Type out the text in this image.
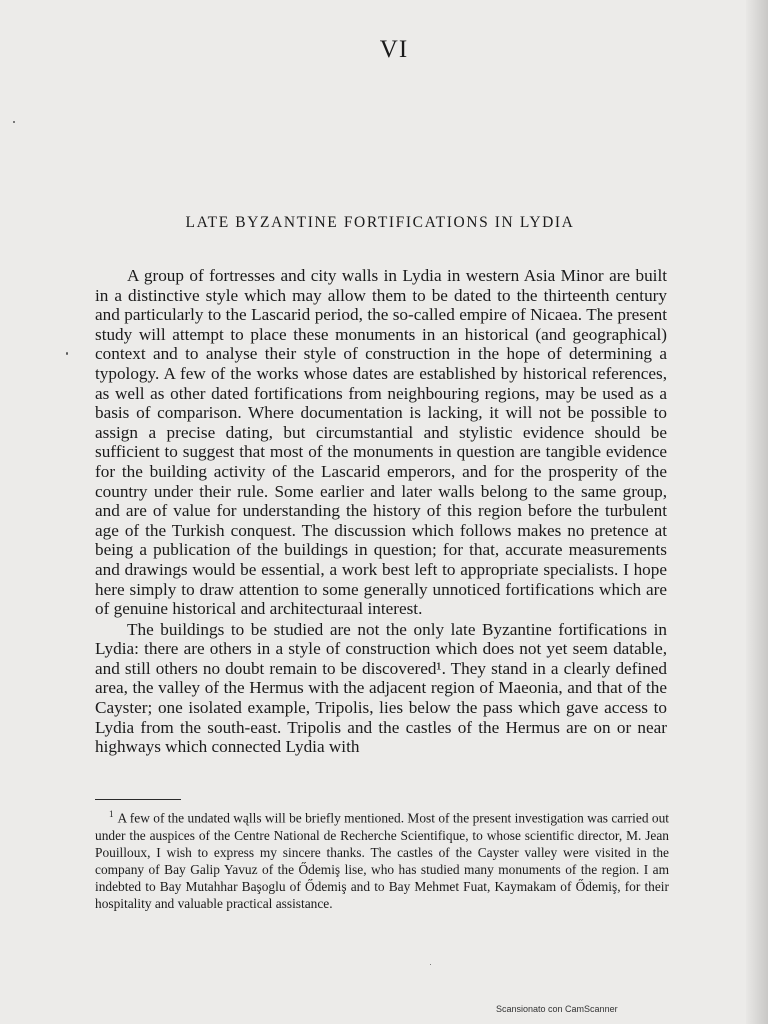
VI
LATE BYZANTINE FORTIFICATIONS IN LYDIA

A group of fortresses and city walls in Lydia in western Asia Minor are built in a distinctive style which may allow them to be dated to the thirteenth century and particularly to the Lascarid period, the so-called empire of Nicaea. The present study will attempt to place these monuments in an historical (and geographical) context and to analyse their style of construction in the hope of determining a typology. A few of the works whose dates are established by historical references, as well as other dated fortifications from neighbouring regions, may be used as a basis of comparison. Where documentation is lacking, it will not be possible to assign a precise dating, but circumstantial and stylistic evidence should be sufficient to suggest that most of the monuments in question are tangible evidence for the building activity of the Lascarid emperors, and for the prosperity of the country under their rule. Some earlier and later walls belong to the same group, and are of value for understanding the history of this region before the turbulent age of the Turkish conquest. The discussion which follows makes no pretence at being a publication of the buildings in question; for that, accurate measurements and drawings would be essential, a work best left to appropriate specialists. I hope here simply to draw attention to some generally unnoticed fortifications which are of genuine historical and architecturaal interest.

The buildings to be studied are not the only late Byzantine fortifications in Lydia: there are others in a style of construction which does not yet seem datable, and still others no doubt remain to be discovered¹. They stand in a clearly defined area, the valley of the Hermus with the adjacent region of Maeonia, and that of the Cayster; one isolated example, Tripolis, lies below the pass which gave access to Lydia from the south-east. Tripolis and the castles of the Hermus are on or near highways which connected Lydia with

$^1$ A few of the undated wąlls will be briefly mentioned. Most of the present investigation was carried out under the auspices of the Centre National de Recherche Scientifique, to whose scientific director, M. Jean Pouilloux, I wish to express my sincere thanks. The castles of the Cayster valley were visited in the company of Bay Galip Yavuz of the Ődemiş lise, who has studied many monuments of the region. I am indebted to Bay Mutahhar Başoglu of Ődemiş and to Bay Mehmet Fuat, Kaymakam of Ődemiş, for their hospitality and valuable practical assistance.

Scansionato con CamScanner
